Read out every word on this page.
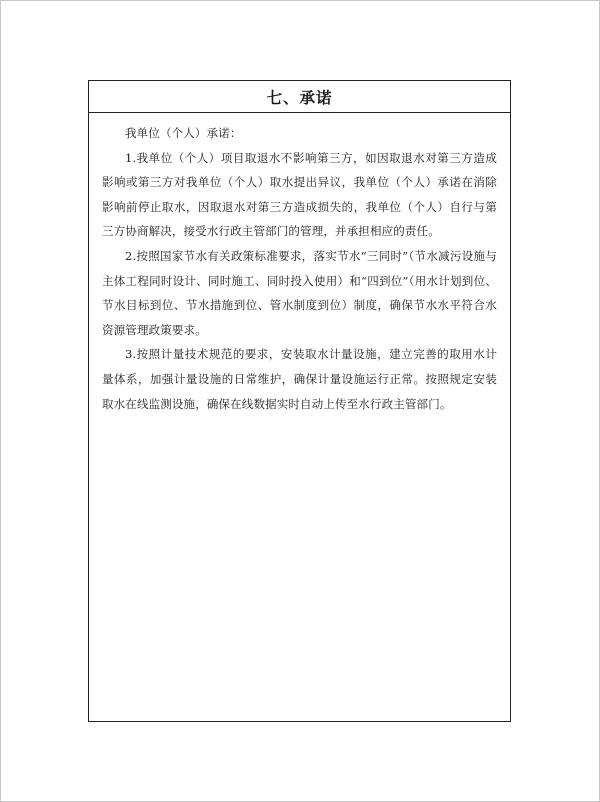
七、承诺

我单位（个人）承诺：

1.我单位（个人）项目取退水不影响第三方，如因取退水对第三方造成影响或第三方对我单位（个人）取水提出异议，我单位（个人）承诺在消除影响前停止取水，因取退水对第三方造成损失的，我单位（个人）自行与第三方协商解决，接受水行政主管部门的管理，并承担相应的责任。

2.按照国家节水有关政策标准要求，落实节水“三同时”（节水减污设施与主体工程同时设计、同时施工、同时投入使用）和“四到位”（用水计划到位、节水目标到位、节水措施到位、管水制度到位）制度，确保节水水平符合水资源管理政策要求。

3.按照计量技术规范的要求，安装取水计量设施，建立完善的取用水计量体系，加强计量设施的日常维护，确保计量设施运行正常。按照规定安装取水在线监测设施，确保在线数据实时自动上传至水行政主管部门。
